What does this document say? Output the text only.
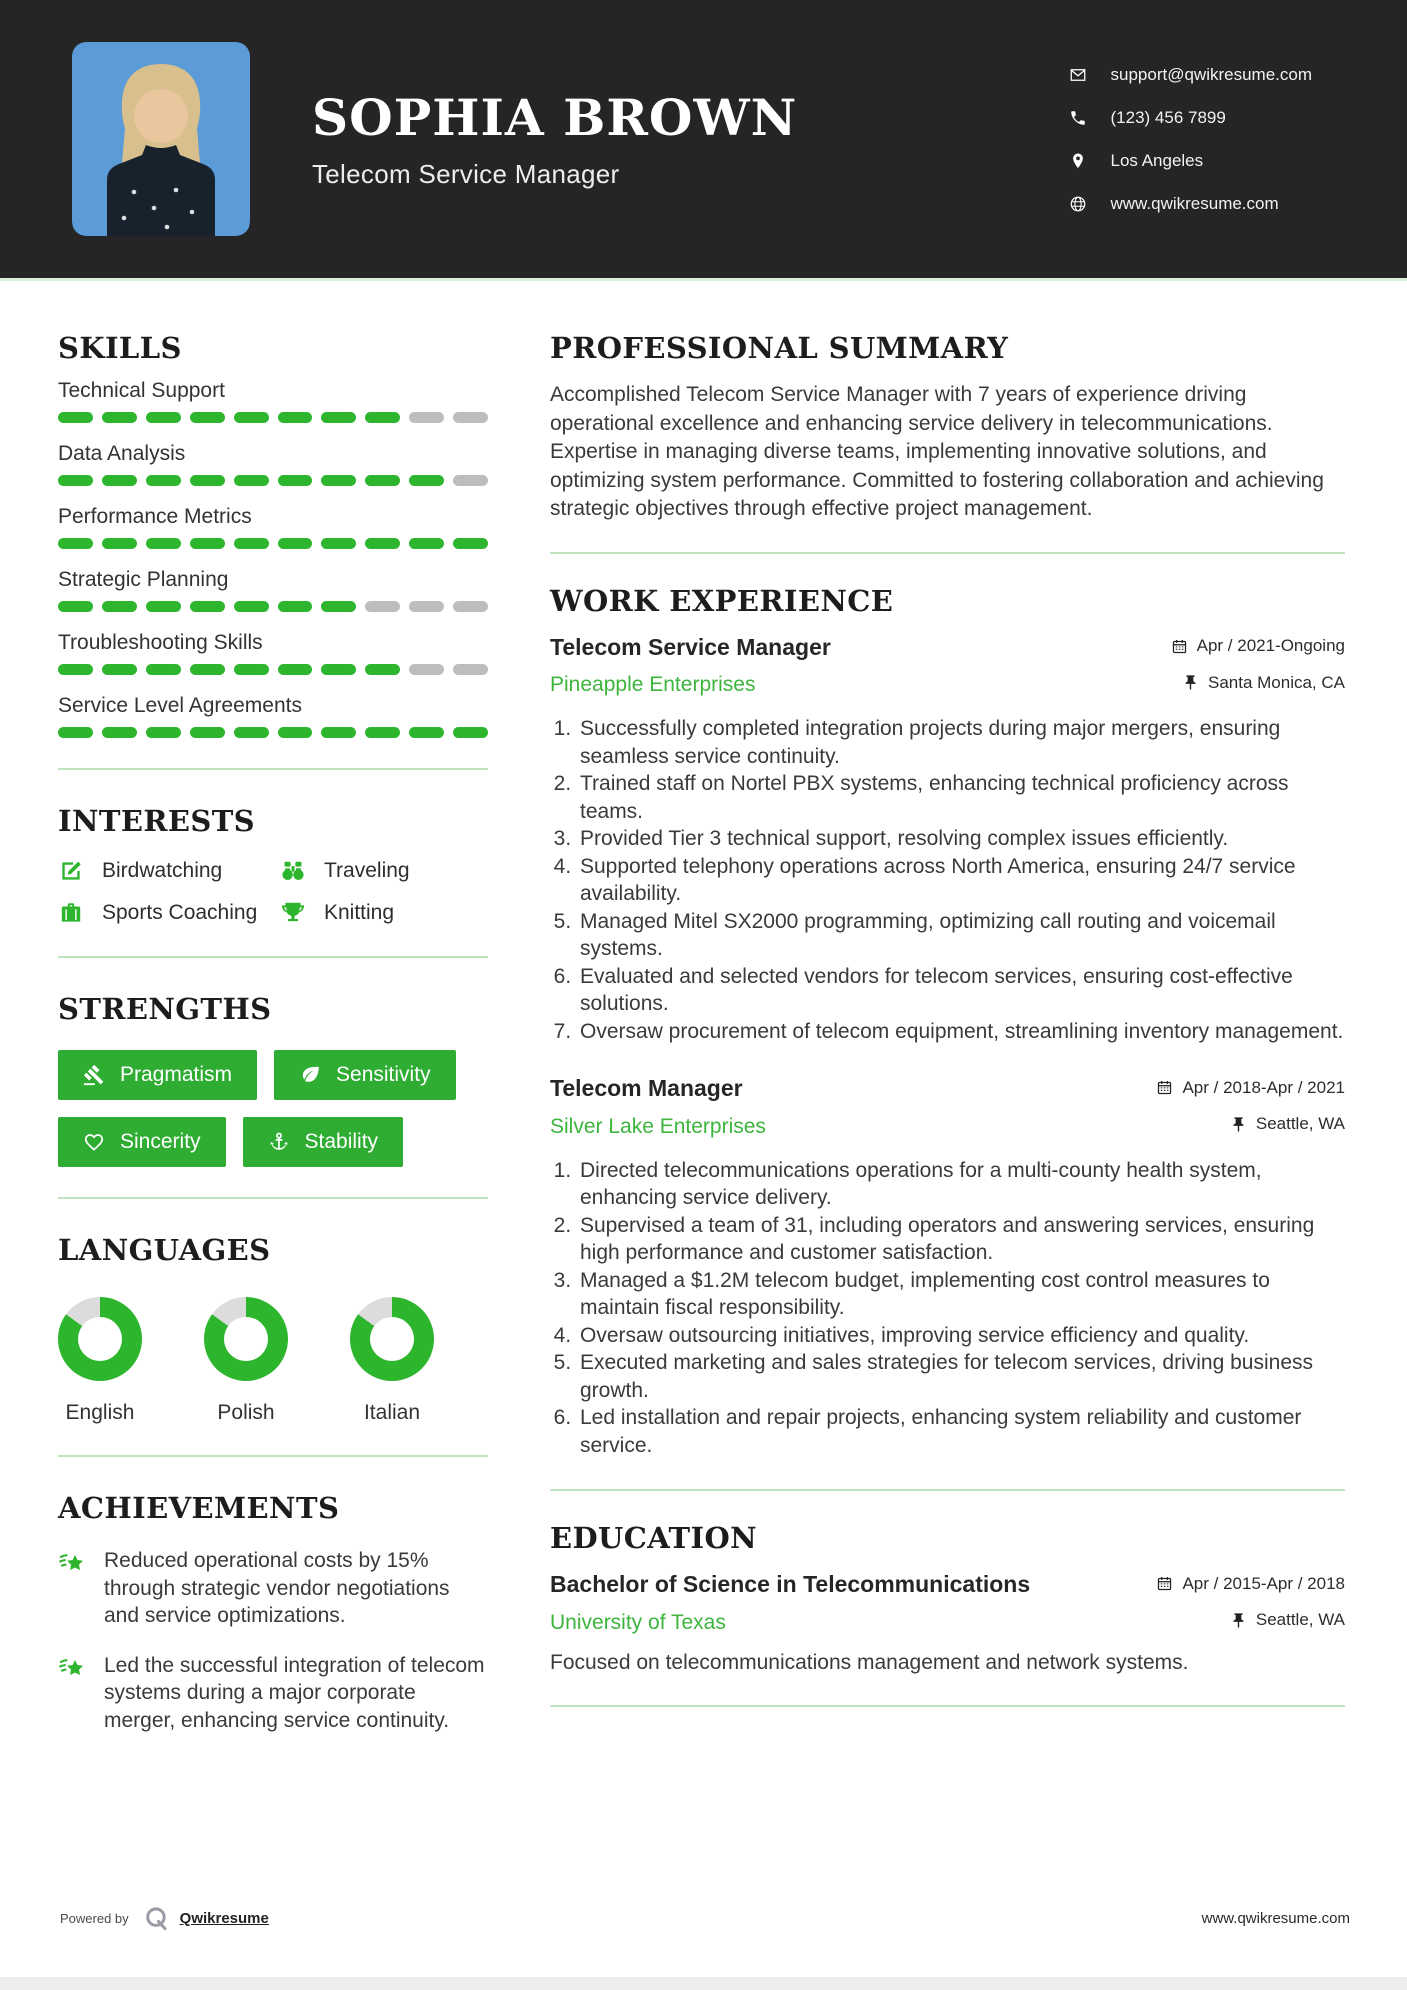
SOPHIA BROWN
Telecom Service Manager
support@qwikresume.com
(123) 456 7899
Los Angeles
www.qwikresume.com
SKILLS
Technical Support
Data Analysis
Performance Metrics
Strategic Planning
Troubleshooting Skills
Service Level Agreements
INTERESTS
Birdwatching	Traveling
Sports Coaching	Knitting
STRENGTHS
Pragmatism	Sensitivity
Sincerity	Stability
LANGUAGES
English	Polish	Italian
ACHIEVEMENTS
Reduced operational costs by 15% through strategic vendor negotiations and service optimizations.
Led the successful integration of telecom systems during a major corporate merger, enhancing service continuity.
PROFESSIONAL SUMMARY

Accomplished Telecom Service Manager with 7 years of experience driving operational excellence and enhancing service delivery in telecommunications. Expertise in managing diverse teams, implementing innovative solutions, and optimizing system performance. Committed to fostering collaboration and achieving strategic objectives through effective project management.

WORK EXPERIENCE
Telecom Service Manager	Apr / 2021-Ongoing
Pineapple Enterprises	Santa Monica, CA
1. Successfully completed integration projects during major mergers, ensuring seamless service continuity.
2. Trained staff on Nortel PBX systems, enhancing technical proficiency across teams.
3. Provided Tier 3 technical support, resolving complex issues efficiently.
4. Supported telephony operations across North America, ensuring 24/7 service availability.
5. Managed Mitel SX2000 programming, optimizing call routing and voicemail systems.
6. Evaluated and selected vendors for telecom services, ensuring cost-effective solutions.
7. Oversaw procurement of telecom equipment, streamlining inventory management.
Telecom Manager	Apr / 2018-Apr / 2021
Silver Lake Enterprises	Seattle, WA
1. Directed telecommunications operations for a multi-county health system, enhancing service delivery.
2. Supervised a team of 31, including operators and answering services, ensuring high performance and customer satisfaction.
3. Managed a $1.2M telecom budget, implementing cost control measures to maintain fiscal responsibility.
4. Oversaw outsourcing initiatives, improving service efficiency and quality.
5. Executed marketing and sales strategies for telecom services, driving business growth.
6. Led installation and repair projects, enhancing system reliability and customer service.
EDUCATION
Bachelor of Science in Telecommunications	Apr / 2015-Apr / 2018
University of Texas	Seattle, WA
Focused on telecommunications management and network systems.
Powered by	Qwikresume	www.qwikresume.com
